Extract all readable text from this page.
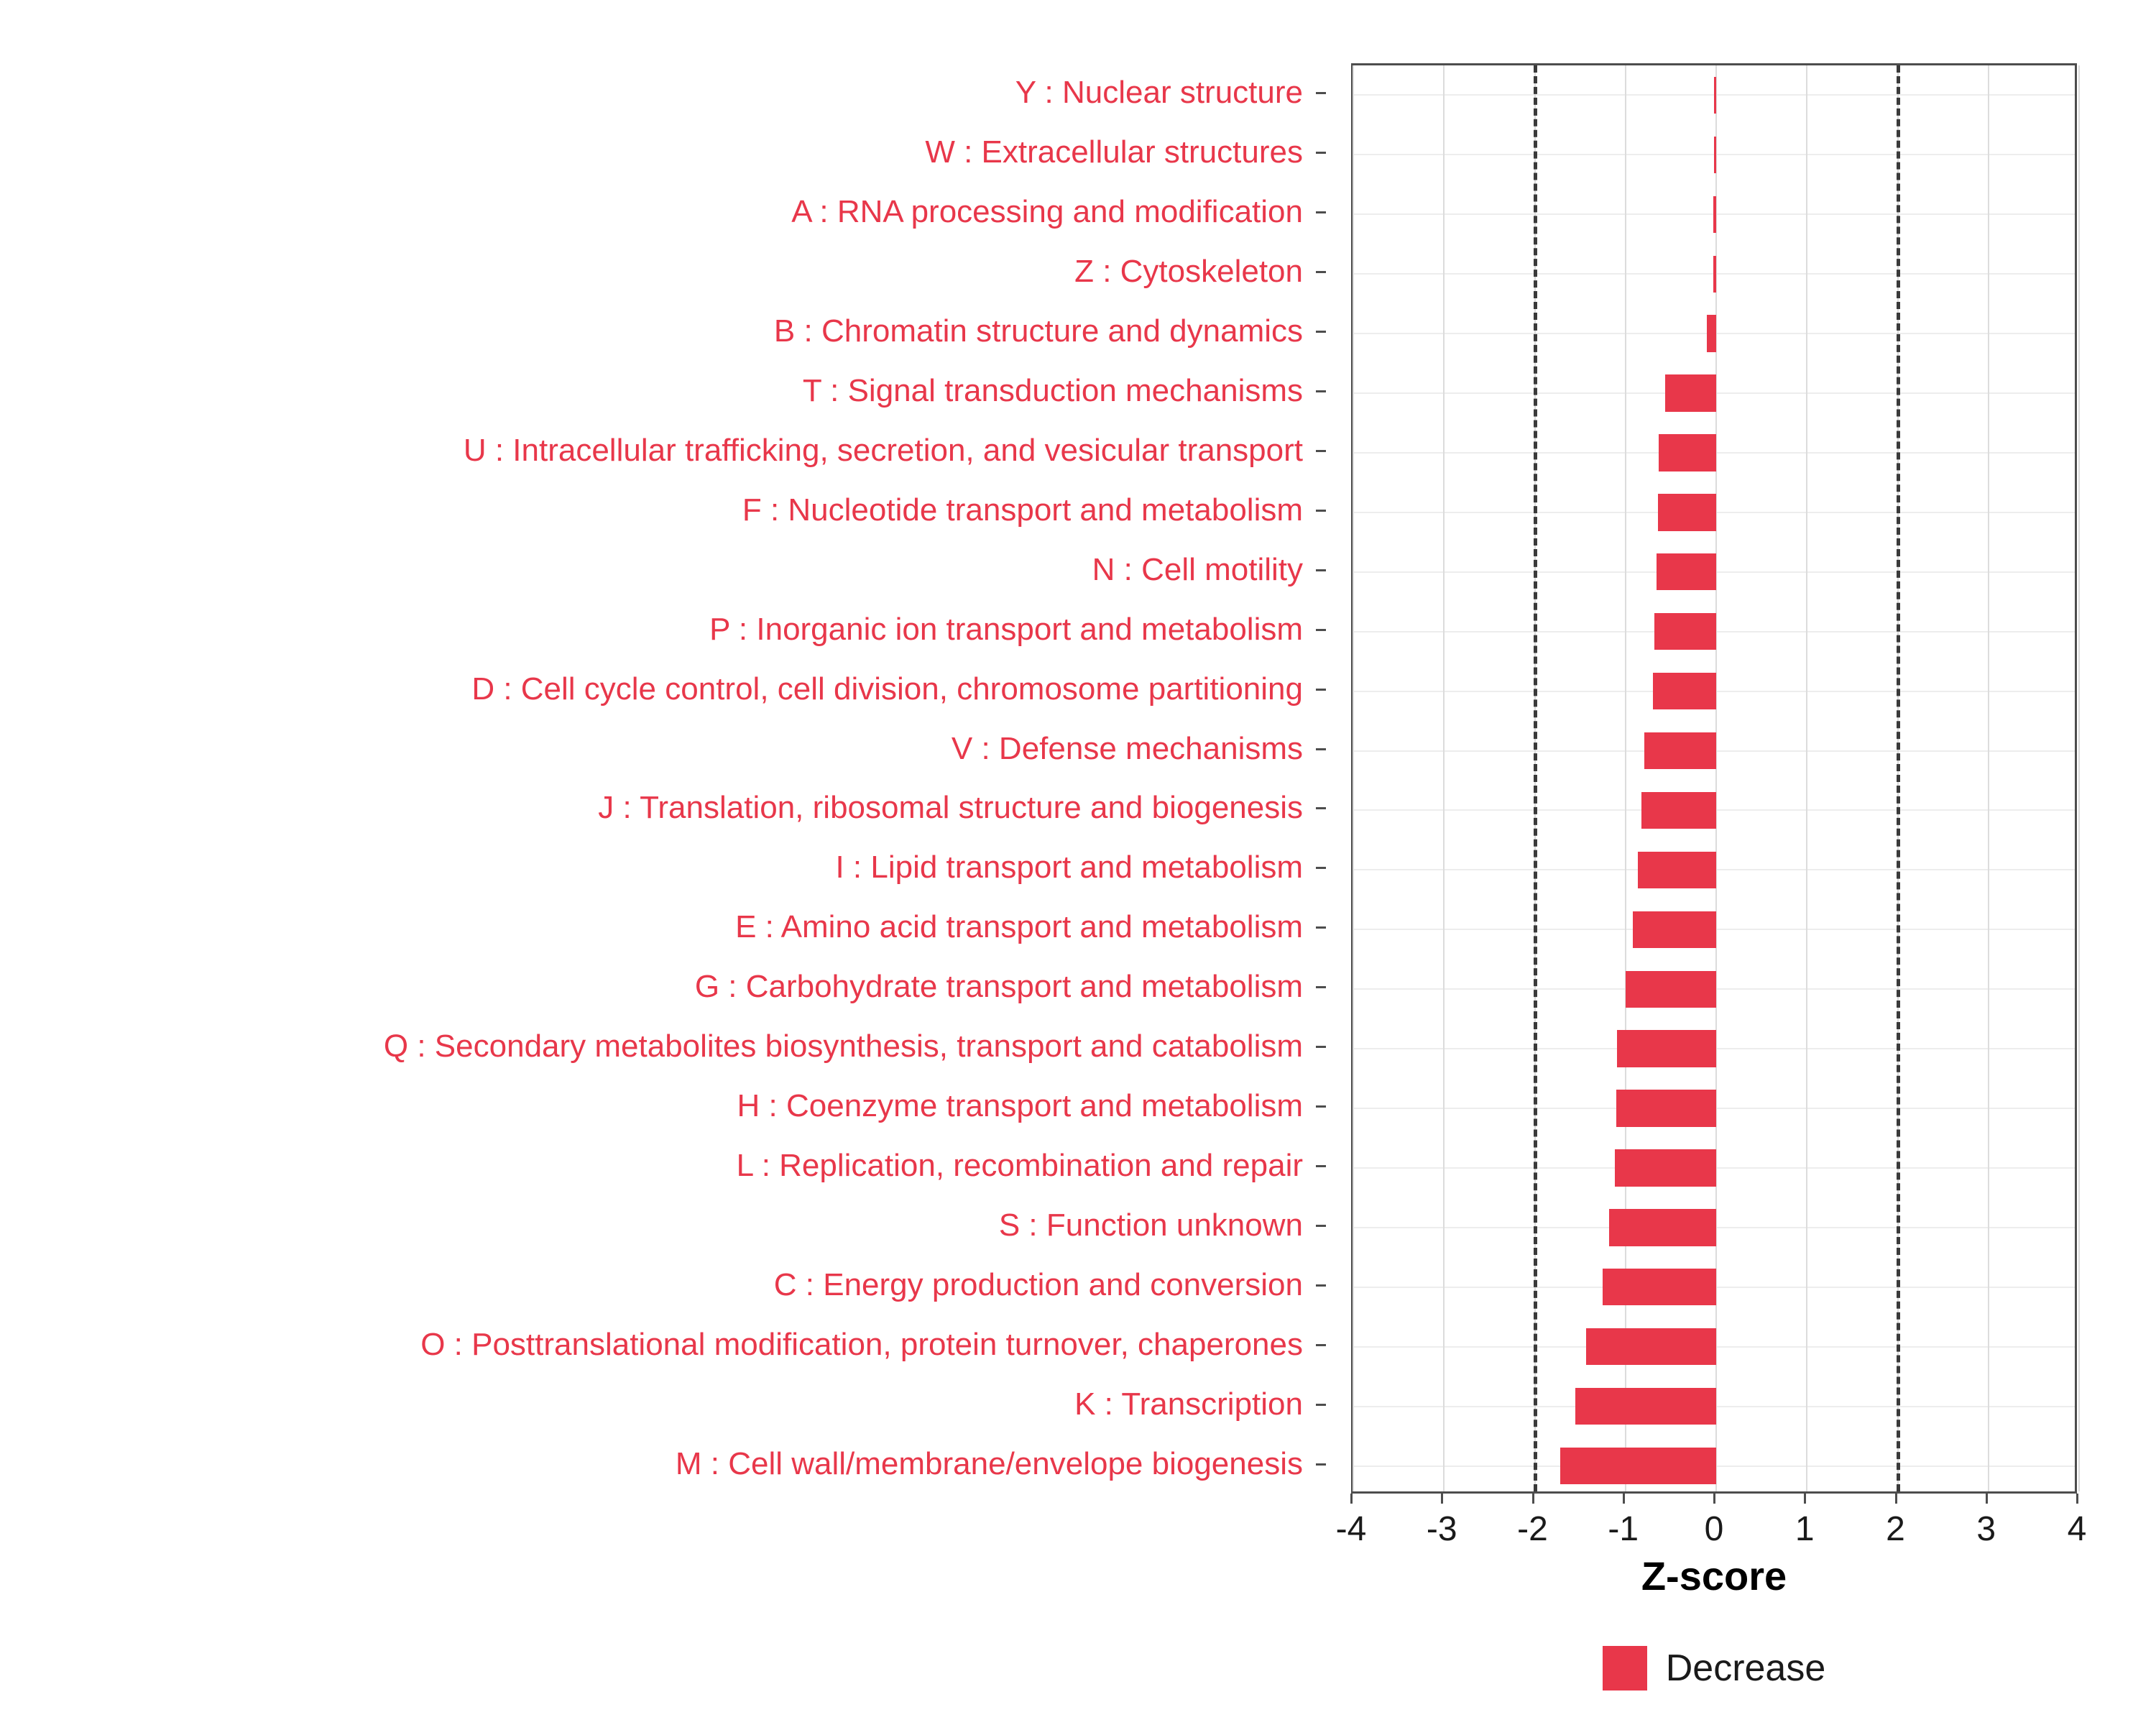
Y : Nuclear structure
W : Extracellular structures
A : RNA processing and modification
Z : Cytoskeleton
B : Chromatin structure and dynamics
T : Signal transduction mechanisms
U : Intracellular trafficking, secretion, and vesicular transport
F : Nucleotide transport and metabolism
N : Cell motility
P : Inorganic ion transport and metabolism
D : Cell cycle control, cell division, chromosome partitioning
V : Defense mechanisms
J : Translation, ribosomal structure and biogenesis
I : Lipid transport and metabolism
E : Amino acid transport and metabolism
G : Carbohydrate transport and metabolism
Q : Secondary metabolites biosynthesis, transport and catabolism
H : Coenzyme transport and metabolism
L : Replication, recombination and repair
S : Function unknown
C : Energy production and conversion
O : Posttranslational modification, protein turnover, chaperones
K : Transcription
M : Cell wall/membrane/envelope biogenesis
-4 -3 -2 -1 0 1 2 3 4
Z-score
Decrease
